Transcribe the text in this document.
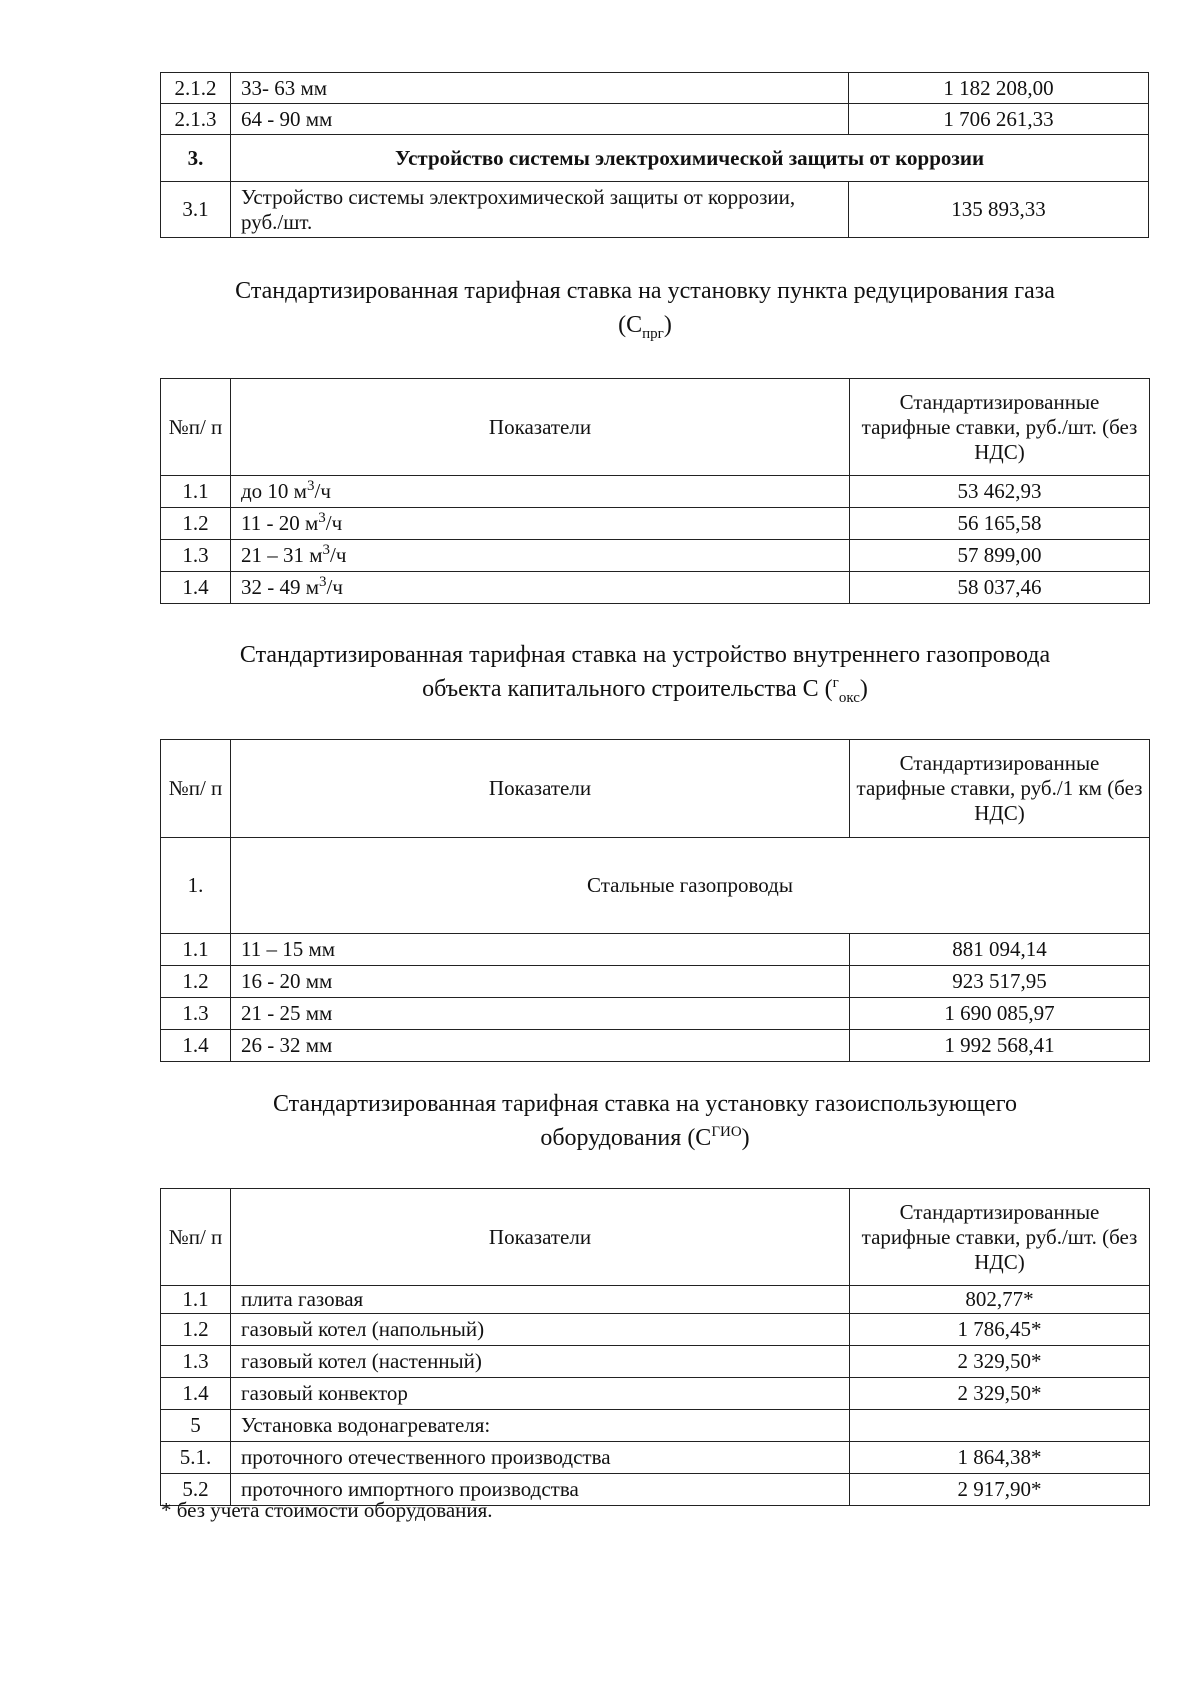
2.1.2	33- 63 мм	1 182 208,00
2.1.3	64 - 90 мм	1 706 261,33
3.	Устройство системы электрохимической защиты от коррозии	
3.1	Устройство системы электрохимической защиты от коррозии, руб./шт.	135 893,33
Стандартизированная тарифная ставка на установку пункта редуцирования газа
$(С_{прг})$
№п/ п	Показатели	Стандартизированные тарифные ставки, руб./шт. (без НДС)
1.1	до 10 $м^3/ч$	53 462,93
1.2	11 - 20 $м^3/ч$	56 165,58
1.3	21 – 31 $м^3/ч$	57 899,00
1.4	32 - 49 $м^3/ч$	58 037,46
Стандартизированная тарифная ставка на устройство внутреннего газопровода
объекта капитального строительства С ($^г_{окс}$)
№п/ п	Показатели	Стандартизированные тарифные ставки, руб./1 км (без НДС)
1.	Стальные газопроводы	
1.1	11 – 15 мм	881 094,14
1.2	16 - 20 мм	923 517,95
1.3	21 - 25 мм	1 690 085,97
1.4	26 - 32 мм	1 992 568,41
Стандартизированная тарифная ставка на установку газоиспользующего
оборудования $(С^{ГИО})$
№п/ п	Показатели	Стандартизированные тарифные ставки, руб./шт. (без НДС)
1.1	плита газовая	802,77*
1.2	газовый котел (напольный)	1 786,45*
1.3	газовый котел (настенный)	2 329,50*
1.4	газовый конвектор	2 329,50*
5	Установка водонагревателя:	
5.1.	проточного отечественного производства	1 864,38*
5.2	проточного импортного производства	2 917,90*
* без учета стоимости оборудования.
